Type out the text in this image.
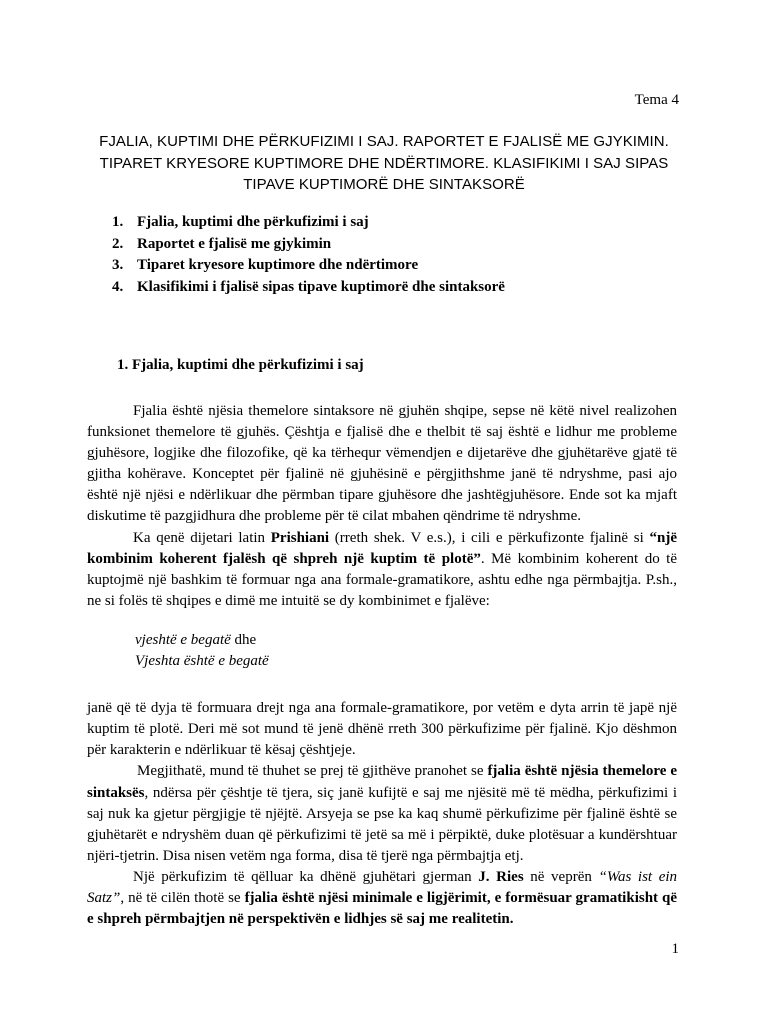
Tema 4
FJALIA, KUPTIMI DHE PËRKUFIZIMI I SAJ. RAPORTET E FJALISË ME GJYKIMIN.
TIPARET KRYESORE KUPTIMORE DHE NDËRTIMORE. KLASIFIKIMI I SAJ SIPAS
TIPAVE KUPTIMORË DHE SINTAKSORË
1. Fjalia, kuptimi dhe përkufizimi i saj
2. Raportet e fjalisë me gjykimin
3. Tiparet kryesore kuptimore dhe ndërtimore
4. Klasifikimi i fjalisë sipas tipave kuptimorë dhe sintaksorë
1. Fjalia, kuptimi dhe përkufizimi i saj

Fjalia është njësia themelore sintaksore në gjuhën shqipe, sepse në këtë nivel realizohen funksionet themelore të gjuhës. Çështja e fjalisë dhe e thelbit të saj është e lidhur me probleme gjuhësore, logjike dhe filozofike, që ka tërhequr vëmendjen e dijetarëve dhe gjuhëtarëve gjatë të gjitha kohërave. Konceptet për fjalinë në gjuhësinë e përgjithshme janë të ndryshme, pasi ajo është një njësi e ndërlikuar dhe përmban tipare gjuhësore dhe jashtëgjuhësore. Ende sot ka mjaft diskutime të pazgjidhura dhe probleme për të cilat mbahen qëndrime të ndryshme.

Ka qenë dijetari latin Prishiani (rreth shek. V e.s.), i cili e përkufizonte fjalinë si “një kombinim koherent fjalësh që shpreh një kuptim të plotë”. Më kombinim koherent do të kuptojmë një bashkim të formuar nga ana formale-gramatikore, ashtu edhe nga përmbajtja. P.sh., ne si folës të shqipes e dimë me intuitë se dy kombinimet e fjalëve:

vjeshtë e begatë dhe
Vjeshta është e begatë

janë që të dyja të formuara drejt nga ana formale-gramatikore, por vetëm e dyta arrin të japë një kuptim të plotë. Deri më sot mund të jenë dhënë rreth 300 përkufizime për fjalinë. Kjo dëshmon për karakterin e ndërlikuar të kësaj çështjeje.

Megjithatë, mund të thuhet se prej të gjithëve pranohet se fjalia është njësia themelore e sintaksës, ndërsa për çështje të tjera, siç janë kufijtë e saj me njësitë më të mëdha, përkufizimi i saj nuk ka gjetur përgjigje të njëjtë. Arsyeja se pse ka kaq shumë përkufizime për fjalinë është se gjuhëtarët e ndryshëm duan që përkufizimi të jetë sa më i përpiktë, duke plotësuar a kundërshtuar njëri-tjetrin. Disa nisen vetëm nga forma, disa të tjerë nga përmbajtja etj.

Një përkufizim të qëlluar ka dhënë gjuhëtari gjerman J. Ries në veprën “Was ist ein Satz”, në të cilën thotë se fjalia është njësi minimale e ligjërimit, e formësuar gramatikisht që e shpreh përmbajtjen në perspektivën e lidhjes së saj me realitetin.

1
